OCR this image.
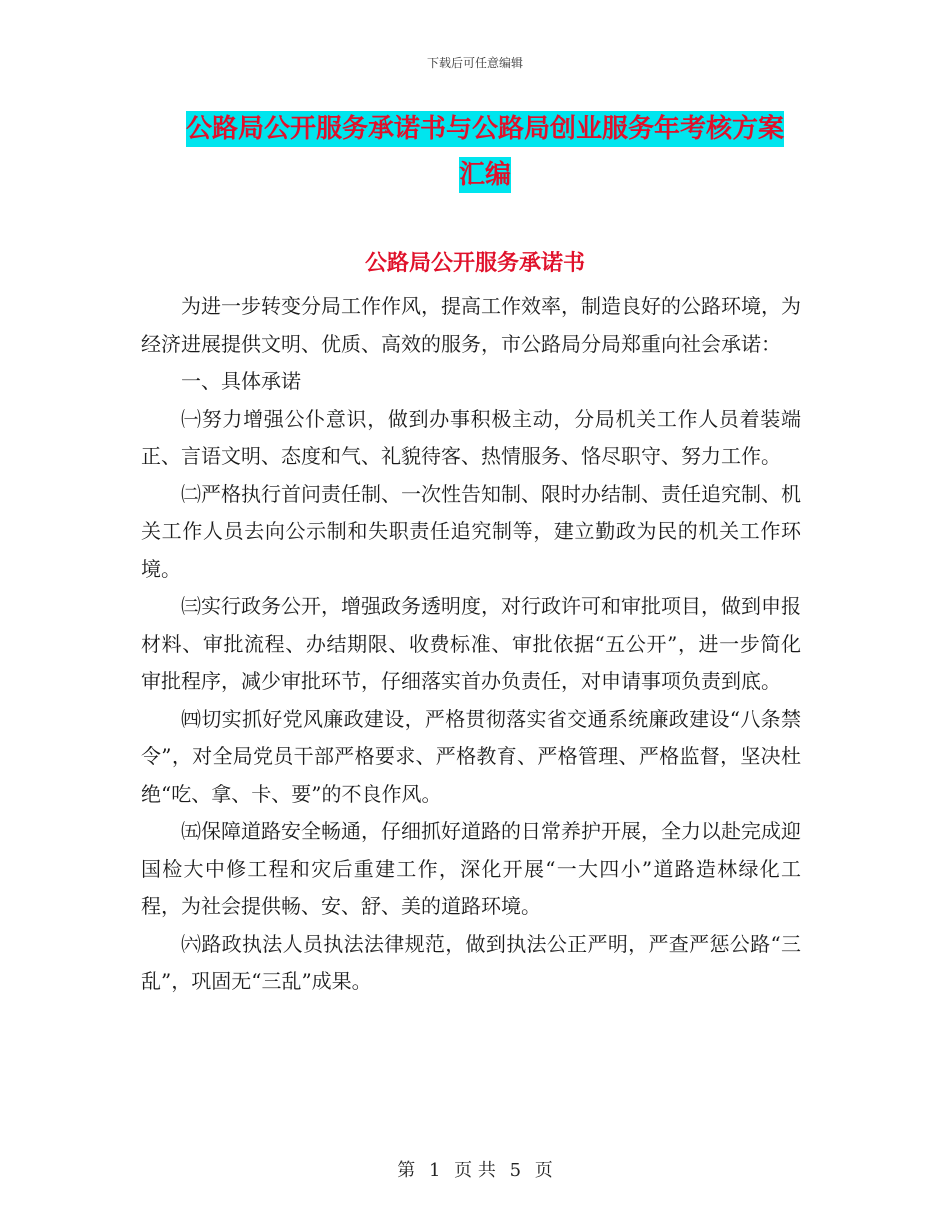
下载后可任意编辑
公路局公开服务承诺书与公路局创业服务年考核方案
汇编
公路局公开服务承诺书

为进一步转变分局工作作风，提高工作效率，制造良好的公路环境，为经济进展提供文明、优质、高效的服务，市公路局分局郑重向社会承诺：

一、具体承诺

㈠努力增强公仆意识，做到办事积极主动，分局机关工作人员着装端正、言语文明、态度和气、礼貌待客、热情服务、恪尽职守、努力工作。

㈡严格执行首问责任制、一次性告知制、限时办结制、责任追究制、机关工作人员去向公示制和失职责任追究制等，建立勤政为民的机关工作环境。

㈢实行政务公开，增强政务透明度，对行政许可和审批项目，做到申报材料、审批流程、办结期限、收费标准、审批依据“五公开”，进一步简化审批程序，减少审批环节，仔细落实首办负责任，对申请事项负责到底。

㈣切实抓好党风廉政建设，严格贯彻落实省交通系统廉政建设“八条禁令”，对全局党员干部严格要求、严格教育、严格管理、严格监督，坚决杜绝“吃、拿、卡、要”的不良作风。

㈤保障道路安全畅通，仔细抓好道路的日常养护开展，全力以赴完成迎国检大中修工程和灾后重建工作，深化开展“一大四小”道路造林绿化工程，为社会提供畅、安、舒、美的道路环境。

㈥路政执法人员执法法律规范，做到执法公正严明，严查严惩公路“三乱”，巩固无“三乱”成果。

第 1 页 共 5 页
